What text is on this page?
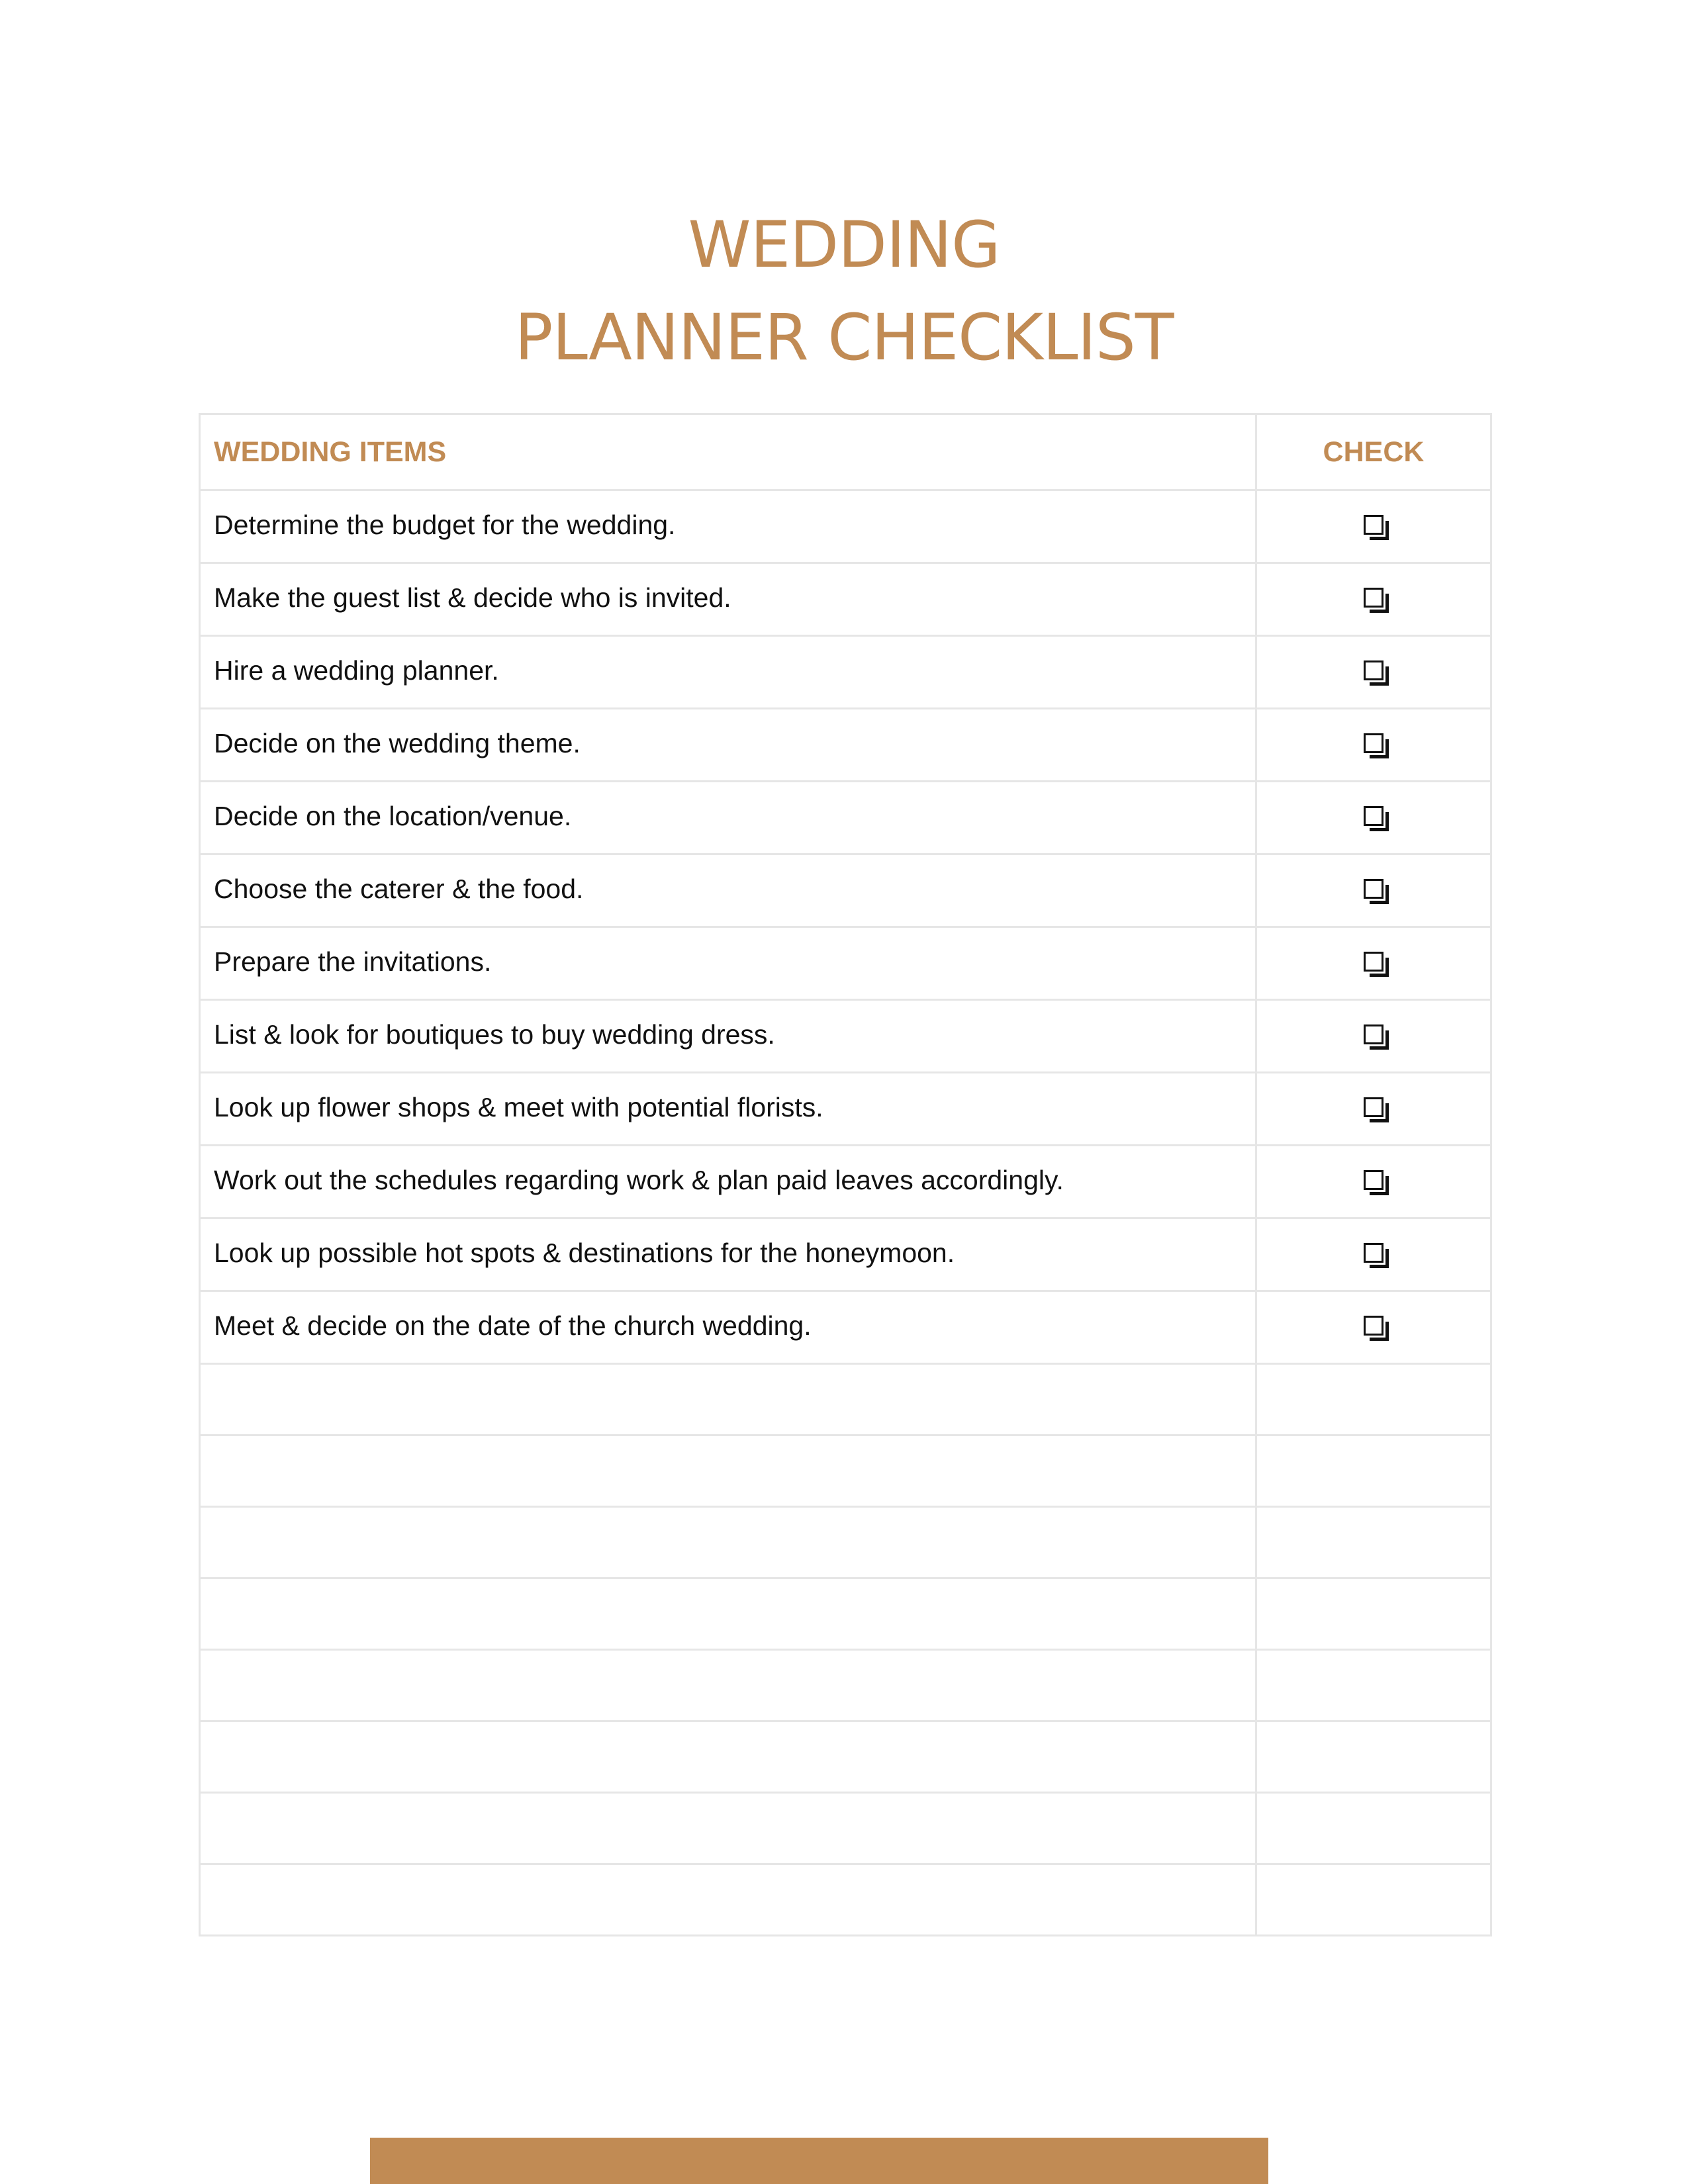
WEDDING
PLANNER CHECKLIST
WEDDING ITEMS	CHECK
Determine the budget for the wedding.	
Make the guest list & decide who is invited.	
Hire a wedding planner.	
Decide on the wedding theme.	
Decide on the location/venue.	
Choose the caterer & the food.	
Prepare the invitations.	
List & look for boutiques to buy wedding dress.	
Look up flower shops & meet with potential florists.	
Work out the schedules regarding work & plan paid leaves accordingly.	
Look up possible hot spots & destinations for the honeymoon.	
Meet & decide on the date of the church wedding.	
